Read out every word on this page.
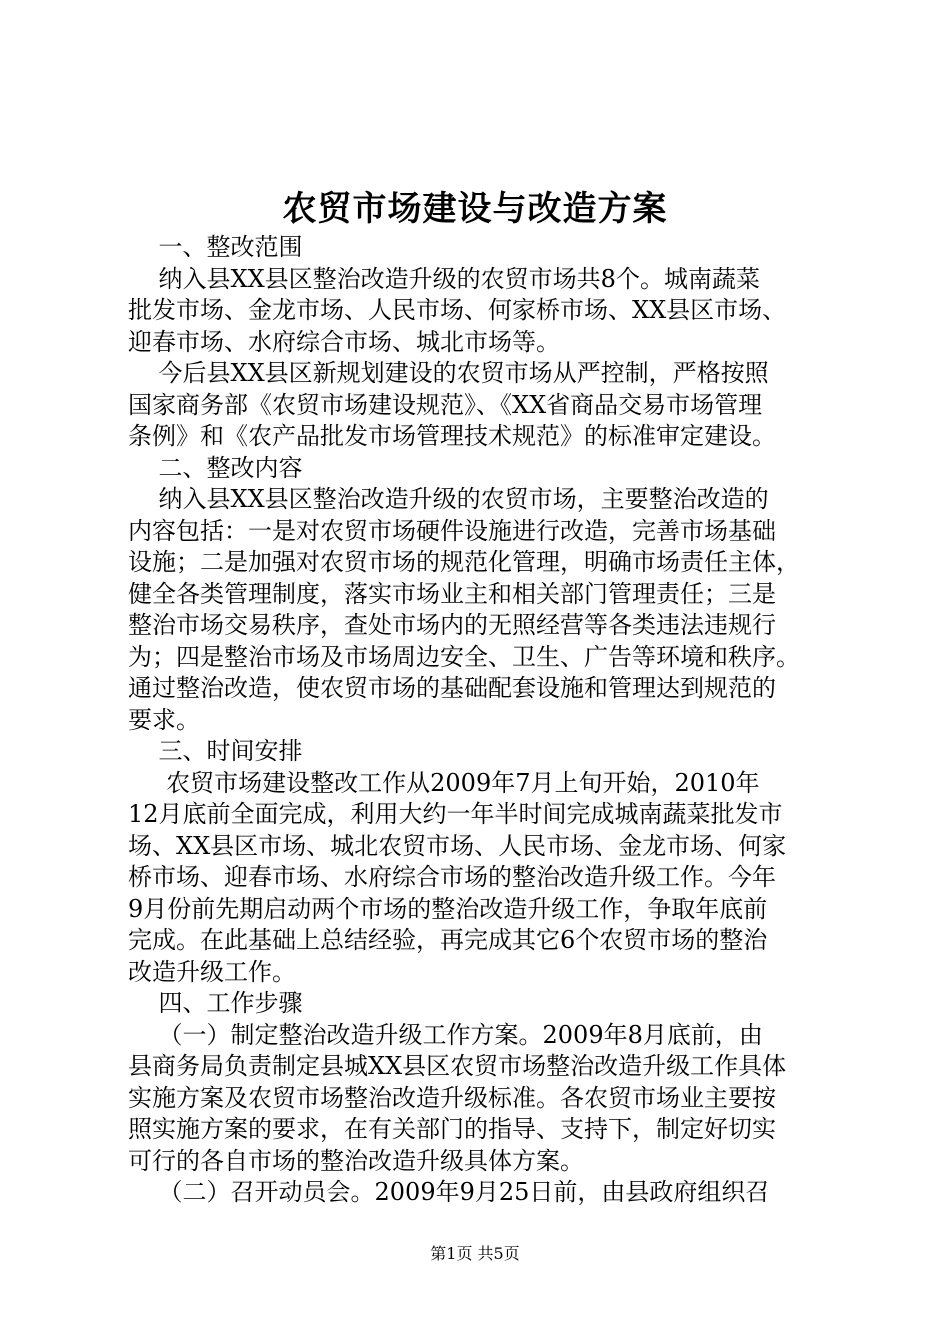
农贸市场建设与改造方案
一、整改范围
纳入县XX县区整治改造升级的农贸市场共8个。城南蔬菜
批发市场、金龙市场、人民市场、何家桥市场、XX县区市场、
迎春市场、水府综合市场、城北市场等。
今后县XX县区新规划建设的农贸市场从严控制，严格按照
国家商务部《农贸市场建设规范》、《XX省商品交易市场管理
条例》和《农产品批发市场管理技术规范》的标准审定建设。
二、整改内容
纳入县XX县区整治改造升级的农贸市场，主要整治改造的
内容包括：一是对农贸市场硬件设施进行改造，完善市场基础
设施；二是加强对农贸市场的规范化管理，明确市场责任主体，
健全各类管理制度，落实市场业主和相关部门管理责任；三是
整治市场交易秩序，查处市场内的无照经营等各类违法违规行
为；四是整治市场及市场周边安全、卫生、广告等环境和秩序。
通过整治改造，使农贸市场的基础配套设施和管理达到规范的
要求。
三、时间安排
农贸市场建设整改工作从2009年7月上旬开始，2010年
12月底前全面完成，利用大约一年半时间完成城南蔬菜批发市
场、XX县区市场、城北农贸市场、人民市场、金龙市场、何家
桥市场、迎春市场、水府综合市场的整治改造升级工作。今年
9月份前先期启动两个市场的整治改造升级工作，争取年底前
完成。在此基础上总结经验，再完成其它6个农贸市场的整治
改造升级工作。
四、工作步骤
（一）制定整治改造升级工作方案。2009年8月底前，由
县商务局负责制定县城XX县区农贸市场整治改造升级工作具体
实施方案及农贸市场整治改造升级标准。各农贸市场业主要按
照实施方案的要求，在有关部门的指导、支持下，制定好切实
可行的各自市场的整治改造升级具体方案。
（二）召开动员会。2009年9月25日前，由县政府组织召
第1页 共5页
